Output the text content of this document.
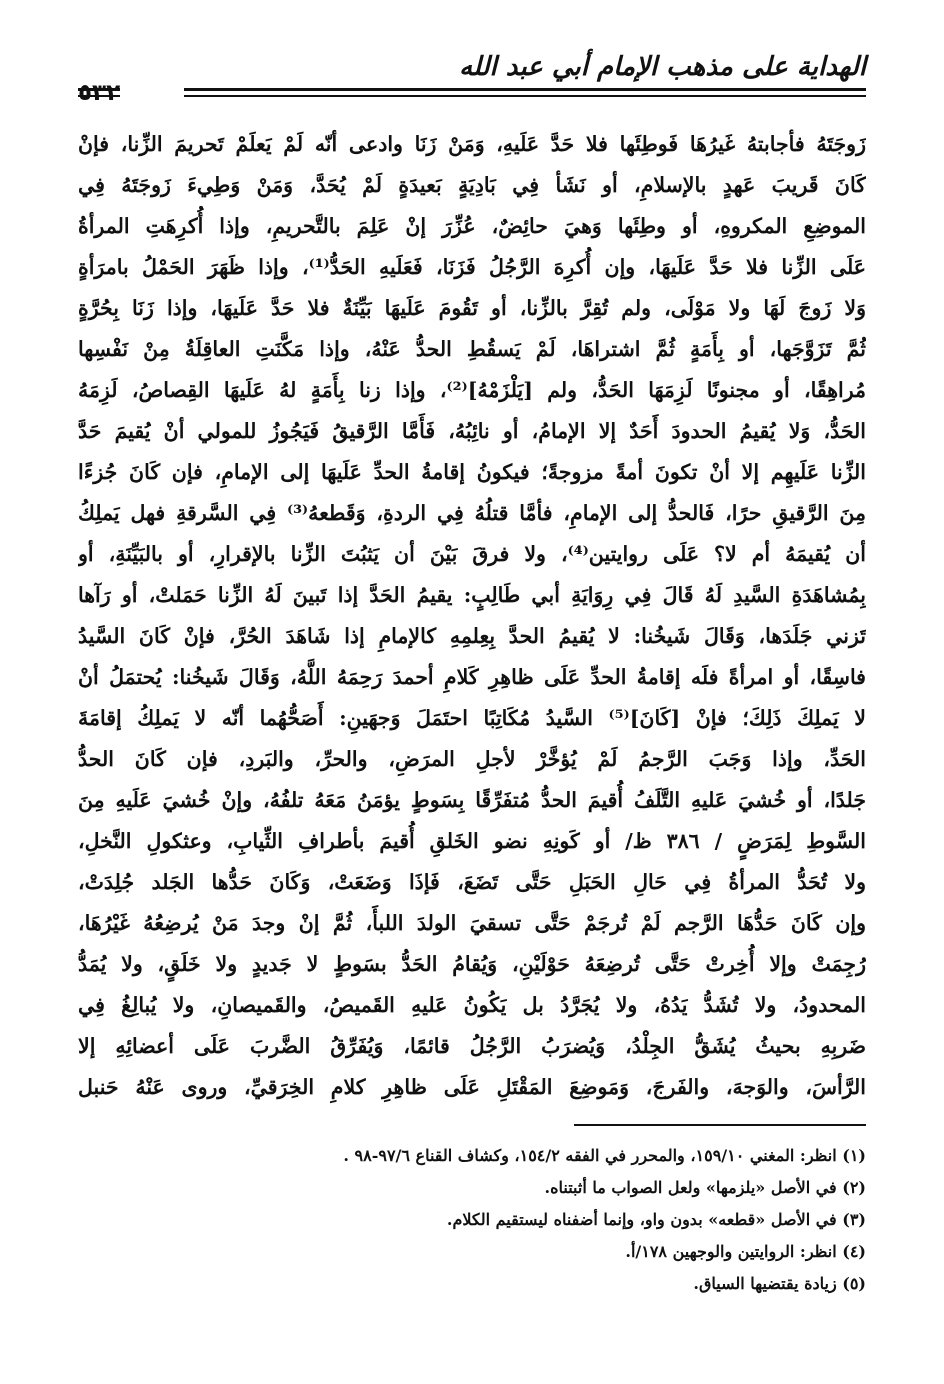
الهداية على مذهب الإمام أبي عبد الله
٥٣٢
زَوجَتَهُ فأجابتهُ غَيرُهَا فَوطِئَها فلا حَدَّ عَلَيهِ، وَمَنْ زَنَا وادعى أنّه لَمْ يَعلَمْ تَحريمَ الزِّنا، فإنْ
كَانَ قَريبَ عَهدٍ بالإسلامِ، أو نَشَأ فِي بَادِيَةٍ بَعيدَةٍ لَمْ يُحَدَّ، وَمَنْ وَطِيءَ زَوجَتَهُ فِي
الموضِعِ المكروهِ، أو وطِئَها وَهيَ حائِضٌ، عُزِّرَ إنْ عَلِمَ بالتَّحريمِ، وإذا أُكرِهَتِ المرأةُ
عَلَى الزِّنا فلا حَدَّ عَلَيهَا، وإن أُكرِهَ الرَّجُلُ فَزَنَا، فَعَلَيهِ الحَدُّ⁽¹⁾، وإذا ظَهَرَ الحَمْلُ بامرَأةٍ
وَلا زَوجَ لَهَا ولا مَوْلَى، ولم تُقِرَّ بالزِّنا، أو تَقُومَ عَلَيهَا بَيِّنَةٌ فلا حَدَّ عَلَيهَا، وإذا زَنَا بِحُرَّةٍ
ثُمَّ تَزَوَّجَها، أو بِأَمَةٍ ثُمَّ اشتراهَا، لَمْ يَسقُطِ الحدُّ عَنْهُ، وإذا مَكَّنَتِ العاقِلَةُ مِنْ نَفْسِها
مُراهِقًا، أو مجنونًا لَزِمَهَا الحَدُّ، ولم [يَلْزَمْهُ]⁽²⁾، وإذا زنا بِأَمَةٍ لهُ عَلَيهَا القِصاصُ، لَزِمَهُ
الحَدُّ، وَلا يُقيمُ الحدودَ أَحَدٌ إلا الإمامُ، أو نائِبُهُ، فَأَمَّا الرَّقيقُ فَيَجُوزُ للمولي أنْ يُقيمَ حَدَّ
الزِّنا عَلَيهِم إلا أنْ تكونَ أمةً مزوجةً؛ فيكونُ إقامةُ الحدِّ عَلَيهَا إلى الإمامِ، فإن كَانَ جُزءًا
مِنَ الرَّقيقِ حرًا، فَالحدُّ إلى الإمامِ، فأمَّا قتلُهُ فِي الردةِ، وَقَطعهُ⁽³⁾ فِي السَّرقةِ فهل يَملِكُ
أن يُقيمَهُ أم لا؟ عَلَى روايتين⁽⁴⁾، ولا فرقَ بَيْنَ أن يَثبُتَ الزِّنا بالإقرارِ، أو بالبَيِّنَةِ، أو
بِمُشاهَدَةِ السَّيدِ لَهُ قَالَ فِي رِوَايَةِ أبي طَالِبٍ: يقيمُ الحَدَّ إذا تَبينَ لَهُ الزِّنا حَمَلتْ، أو رَآها
تَزني جَلَدَها، وَقَالَ شَيخُنا: لا يُقيمُ الحدَّ بِعِلمِهِ كالإمامِ إذا شَاهَدَ الحُرَّ، فإنْ كَانَ السَّيدُ
فاسِقًا، أو امرأةً فلَه إقامةُ الحدِّ عَلَى ظاهِرِ كَلامِ أحمدَ رَحِمَهُ اللَّهُ، وَقَالَ شَيخُنا: يُحتمَلُ أنْ
لا يَملِكَ ذَلِكَ؛ فإنْ [كَانَ]⁽⁵⁾ السَّيدُ مُكَاتِبًا احتَمَلَ وَجهَينِ: أَصَحُّهُما أنّه لا يَملِكُ إقامَةَ
الحَدِّ، وإذا وَجَبَ الرَّجمُ لَمْ يُؤخَّرْ لأجلِ المرَضِ، والحرِّ، والبَردِ، فإن كَانَ الحدُّ
جَلدًا، أو خُشيَ عَليهِ التَّلَفُ أُقيمَ الحدُّ مُتفَرِّقًا بِسَوطٍ يؤمَنُ مَعَهُ تلفُهُ، وإنْ خُشيَ عَلَيهِ مِنَ
السَّوطِ لِمَرَضٍ / ٣٨٦ ظ/ أو كَونِهِ نضو الخَلقِ أُقيمَ بأطرافِ الثِّيابِ، وعثكولِ النَّخلِ،
ولا تُحَدُّ المرأةُ فِي حَالِ الحَبَلِ حَتَّى تَضَعَ، فَإذَا وَضَعَتْ، وَكَانَ حَدُّها الجَلد جُلِدَتْ،
وإن كَانَ حَدُّهَا الرَّجم لَمْ تُرجَمْ حَتَّى تسقيَ الولدَ اللبأَ، ثُمَّ إنْ وجدَ مَنْ يُرضِعُهُ غَيْرُهَا،
رُجِمَتْ وإلا أُخِرتْ حَتَّى تُرضِعَهُ حَوْلَيْنِ، وَيُقامُ الحَدُّ بسَوطٍ لا جَديدٍ ولا خَلَقٍ، ولا يُمَدُّ
المحدودُ، ولا تُشَدُّ يَدُهُ، ولا يُجَرَّدُ بل يَكُونُ عَليهِ القَميصُ، والقَميصانِ، ولا يُبالِغُ فِي
ضَربِهِ بحيثُ يُشَقُّ الجِلْدُ، وَيُضرَبُ الرَّجُلُ قائمًا، وَيُفَرِّقُ الضَّربَ عَلَى أعضائِهِ إلا
الرَّأسَ، والوَجهَ، والفَرجَ، وَمَوضِعَ المَقْتَلِ عَلَى ظاهِرِ كلامِ الخِرَقيِّ، وروى عَنْهُ حَنبل
(١) انظر: المغني ١٥٩/١٠، والمحرر في الفقه ١٥٤/٢، وكشاف القناع ٩٧/٦-٩٨ .
(٢) في الأصل «يلزمها» ولعل الصواب ما أثبتناه.
(٣) في الأصل «قطعه» بدون واو، وإنما أضفناه ليستقيم الكلام.
(٤) انظر: الروايتين والوجهين ١٧٨/أ.
(٥) زيادة يقتضيها السياق.
